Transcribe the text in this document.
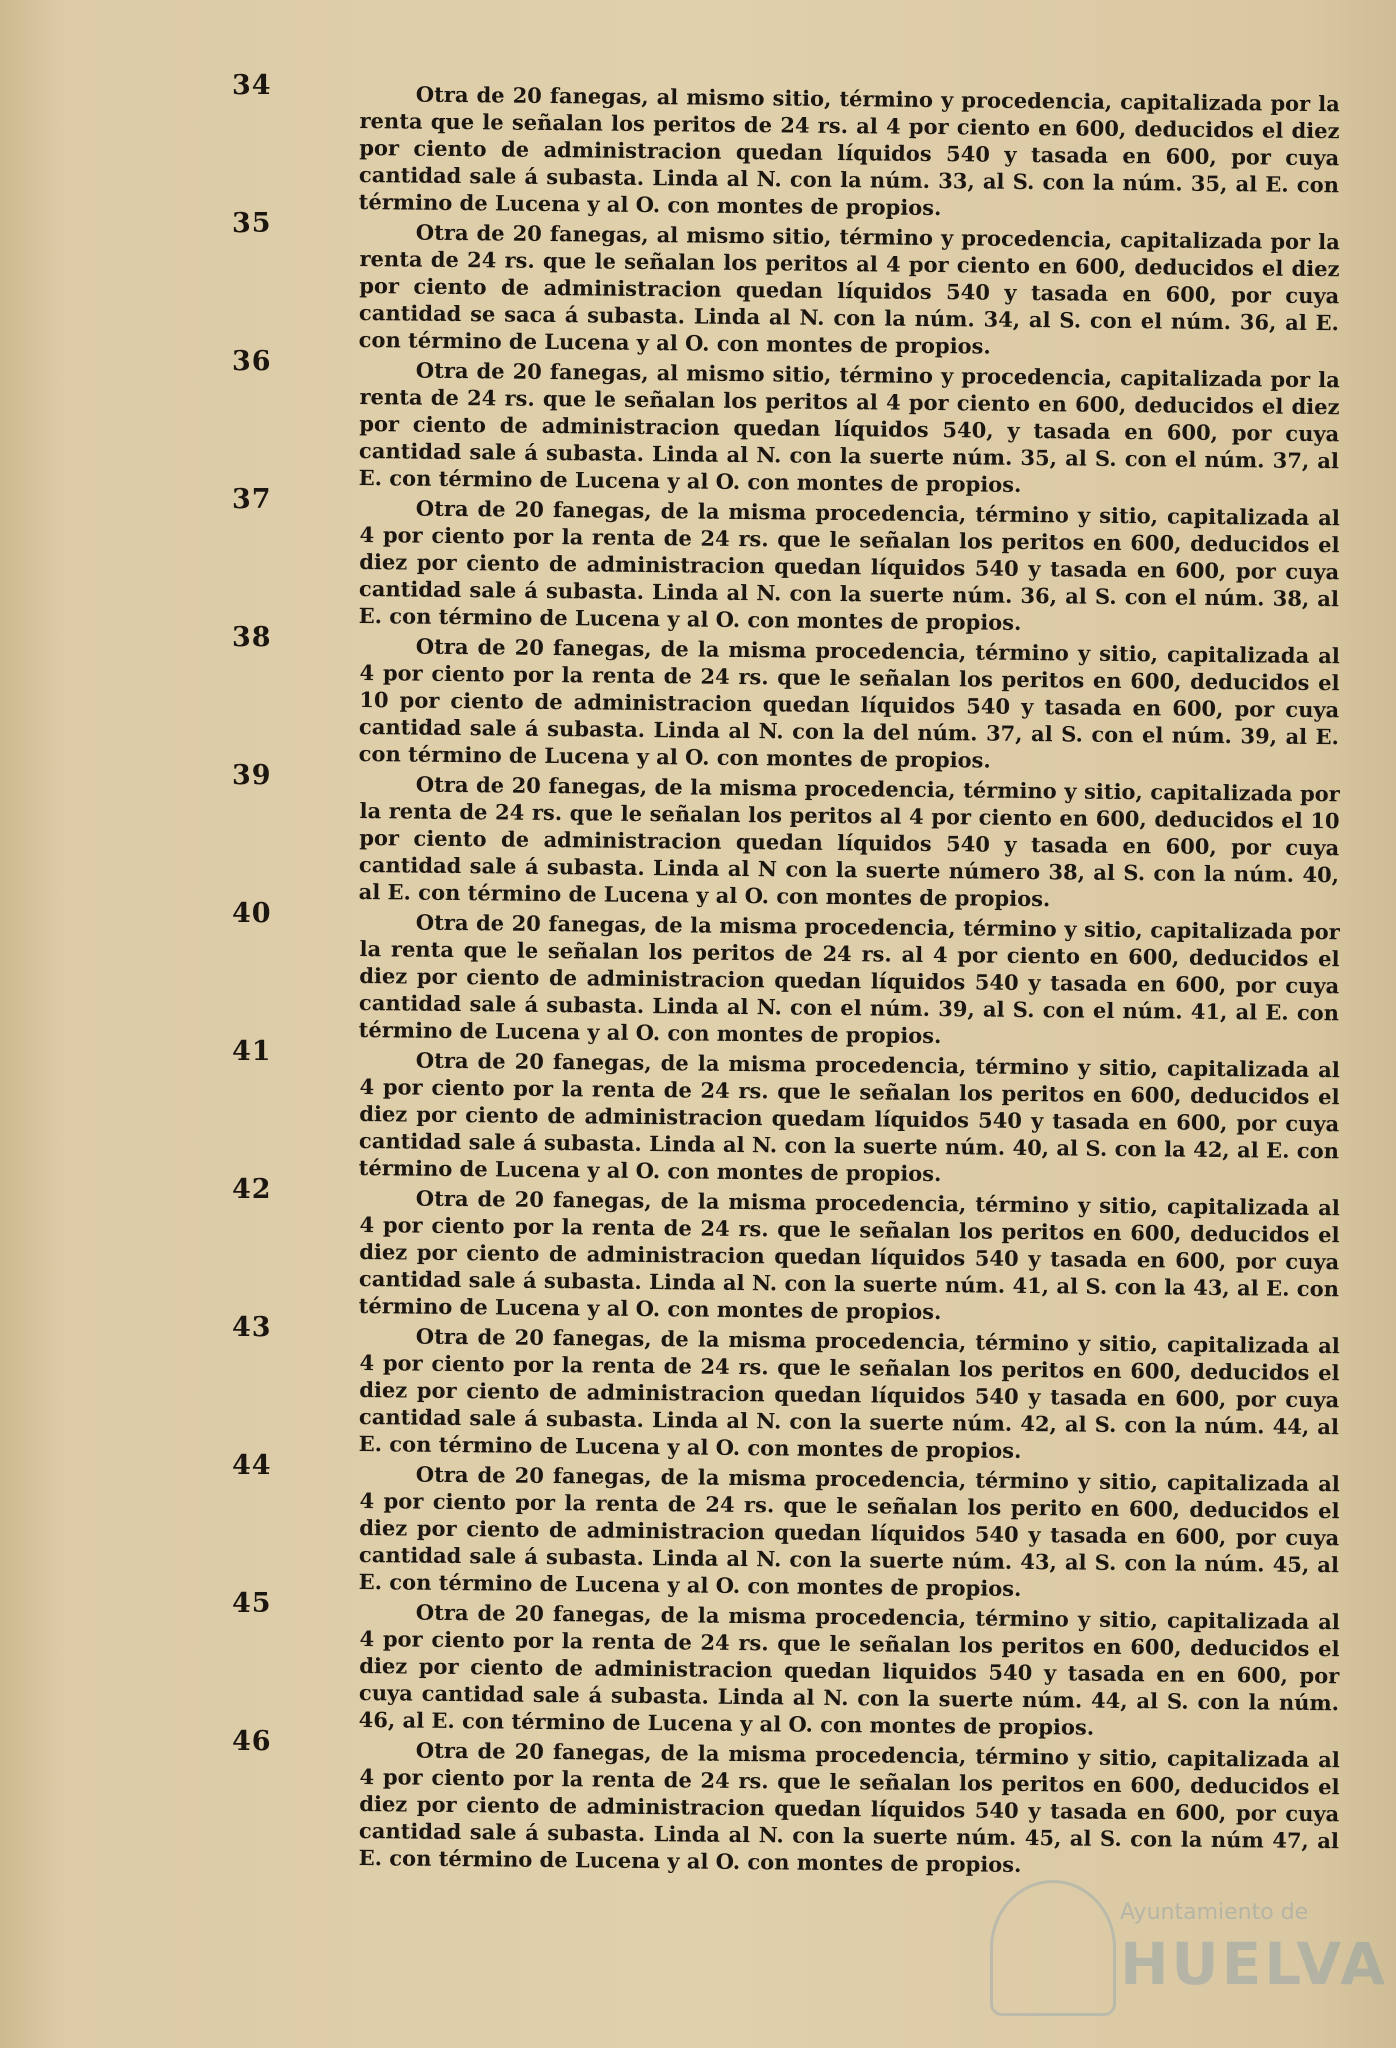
34	Otra de 20 fanegas, al mismo sitio, término y procedencia, capitalizada por la renta que le señalan los peritos de 24 rs. al 4 por ciento en 600, deducidos el diez por ciento de administracion quedan líquidos 540 y tasada en 600, por cuya cantidad sale á subasta. Linda al N. con la núm. 33, al S. con la núm. 35, al E. con término de Lucena y al O. con montes de propios.
35	Otra de 20 fanegas, al mismo sitio, término y procedencia, capitalizada por la renta de 24 rs. que le señalan los peritos al 4 por ciento en 600, deducidos el diez por ciento de administracion quedan líquidos 540 y tasada en 600, por cuya cantidad se saca á subasta. Linda al N. con la núm. 34, al S. con el núm. 36, al E. con término de Lucena y al O. con montes de propios.
36	Otra de 20 fanegas, al mismo sitio, término y procedencia, capitalizada por la renta de 24 rs. que le señalan los peritos al 4 por ciento en 600, deducidos el diez por ciento de administracion quedan líquidos 540, y tasada en 600, por cuya cantidad sale á subasta. Linda al N. con la suerte núm. 35, al S. con el núm. 37, al E. con término de Lucena y al O. con montes de propios.
37	Otra de 20 fanegas, de la misma procedencia, término y sitio, capitalizada al 4 por ciento por la renta de 24 rs. que le señalan los peritos en 600, deducidos el diez por ciento de administracion quedan líquidos 540 y tasada en 600, por cuya cantidad sale á subasta. Linda al N. con la suerte núm. 36, al S. con el núm. 38, al E. con término de Lucena y al O. con montes de propios.
38	Otra de 20 fanegas, de la misma procedencia, término y sitio, capitalizada al 4 por ciento por la renta de 24 rs. que le señalan los peritos en 600, deducidos el 10 por ciento de administracion quedan líquidos 540 y tasada en 600, por cuya cantidad sale á subasta. Linda al N. con la del núm. 37, al S. con el núm. 39, al E. con término de Lucena y al O. con montes de propios.
39	Otra de 20 fanegas, de la misma procedencia, término y sitio, capitalizada por la renta de 24 rs. que le señalan los peritos al 4 por ciento en 600, deducidos el 10 por ciento de administracion quedan líquidos 540 y tasada en 600, por cuya cantidad sale á subasta. Linda al N con la suerte número 38, al S. con la núm. 40, al E. con término de Lucena y al O. con montes de propios.
40	Otra de 20 fanegas, de la misma procedencia, término y sitio, capitalizada por la renta que le señalan los peritos de 24 rs. al 4 por ciento en 600, deducidos el diez por ciento de administracion quedan líquidos 540 y tasada en 600, por cuya cantidad sale á subasta. Linda al N. con el núm. 39, al S. con el núm. 41, al E. con término de Lucena y al O. con montes de propios.
41	Otra de 20 fanegas, de la misma procedencia, término y sitio, capitalizada al 4 por ciento por la renta de 24 rs. que le señalan los peritos en 600, deducidos el diez por ciento de administracion quedam líquidos 540 y tasada en 600, por cuya cantidad sale á subasta. Linda al N. con la suerte núm. 40, al S. con la 42, al E. con término de Lucena y al O. con montes de propios.
42	Otra de 20 fanegas, de la misma procedencia, término y sitio, capitalizada al 4 por ciento por la renta de 24 rs. que le señalan los peritos en 600, deducidos el diez por ciento de administracion quedan líquidos 540 y tasada en 600, por cuya cantidad sale á subasta. Linda al N. con la suerte núm. 41, al S. con la 43, al E. con término de Lucena y al O. con montes de propios.
43	Otra de 20 fanegas, de la misma procedencia, término y sitio, capitalizada al 4 por ciento por la renta de 24 rs. que le señalan los peritos en 600, deducidos el diez por ciento de administracion quedan líquidos 540 y tasada en 600, por cuya cantidad sale á subasta. Linda al N. con la suerte núm. 42, al S. con la núm. 44, al E. con término de Lucena y al O. con montes de propios.
44	Otra de 20 fanegas, de la misma procedencia, término y sitio, capitalizada al 4 por ciento por la renta de 24 rs. que le señalan los perito en 600, deducidos el diez por ciento de administracion quedan líquidos 540 y tasada en 600, por cuya cantidad sale á subasta. Linda al N. con la suerte núm. 43, al S. con la núm. 45, al E. con término de Lucena y al O. con montes de propios.
45	Otra de 20 fanegas, de la misma procedencia, término y sitio, capitalizada al 4 por ciento por la renta de 24 rs. que le señalan los peritos en 600, deducidos el diez por ciento de administracion quedan liquidos 540 y tasada en en 600, por cuya cantidad sale á subasta. Linda al N. con la suerte núm. 44, al S. con la núm. 46, al E. con término de Lucena y al O. con montes de propios.
46	Otra de 20 fanegas, de la misma procedencia, término y sitio, capitalizada al 4 por ciento por la renta de 24 rs. que le señalan los peritos en 600, deducidos el diez por ciento de administracion quedan líquidos 540 y tasada en 600, por cuya cantidad sale á subasta. Linda al N. con la suerte núm. 45, al S. con la núm 47, al E. con término de Lucena y al O. con montes de propios.
Ayuntamiento de
HUELVA
